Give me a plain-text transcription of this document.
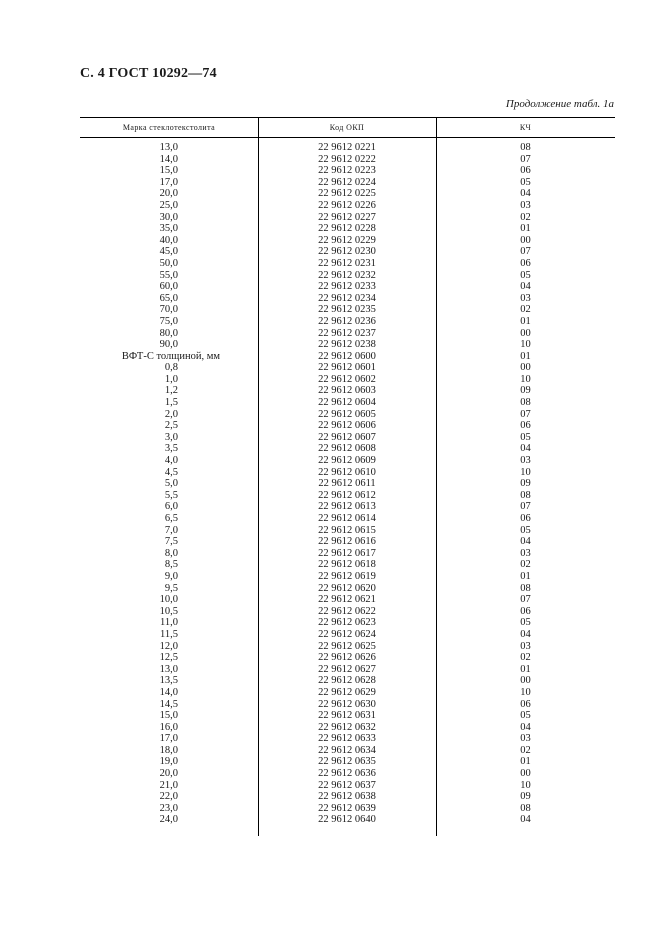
С. 4 ГОСТ 10292—74
Продолжение табл. 1а
Марка стеклотекстолита	Код ОКП	КЧ
13,0	22 9612 0221	08
14,0	22 9612 0222	07
15,0	22 9612 0223	06
17,0	22 9612 0224	05
20,0	22 9612 0225	04
25,0	22 9612 0226	03
30,0	22 9612 0227	02
35,0	22 9612 0228	01
40,0	22 9612 0229	00
45,0	22 9612 0230	07
50,0	22 9612 0231	06
55,0	22 9612 0232	05
60,0	22 9612 0233	04
65,0	22 9612 0234	03
70,0	22 9612 0235	02
75,0	22 9612 0236	01
80,0	22 9612 0237	00
90,0	22 9612 0238	10
ВФТ-С толщиной, мм	22 9612 0600	01
0,8	22 9612 0601	00
1,0	22 9612 0602	10
1,2	22 9612 0603	09
1,5	22 9612 0604	08
2,0	22 9612 0605	07
2,5	22 9612 0606	06
3,0	22 9612 0607	05
3,5	22 9612 0608	04
4,0	22 9612 0609	03
4,5	22 9612 0610	10
5,0	22 9612 0611	09
5,5	22 9612 0612	08
6,0	22 9612 0613	07
6,5	22 9612 0614	06
7,0	22 9612 0615	05
7,5	22 9612 0616	04
8,0	22 9612 0617	03
8,5	22 9612 0618	02
9,0	22 9612 0619	01
9,5	22 9612 0620	08
10,0	22 9612 0621	07
10,5	22 9612 0622	06
11,0	22 9612 0623	05
11,5	22 9612 0624	04
12,0	22 9612 0625	03
12,5	22 9612 0626	02
13,0	22 9612 0627	01
13,5	22 9612 0628	00
14,0	22 9612 0629	10
14,5	22 9612 0630	06
15,0	22 9612 0631	05
16,0	22 9612 0632	04
17,0	22 9612 0633	03
18,0	22 9612 0634	02
19,0	22 9612 0635	01
20,0	22 9612 0636	00
21,0	22 9612 0637	10
22,0	22 9612 0638	09
23,0	22 9612 0639	08
24,0	22 9612 0640	04
